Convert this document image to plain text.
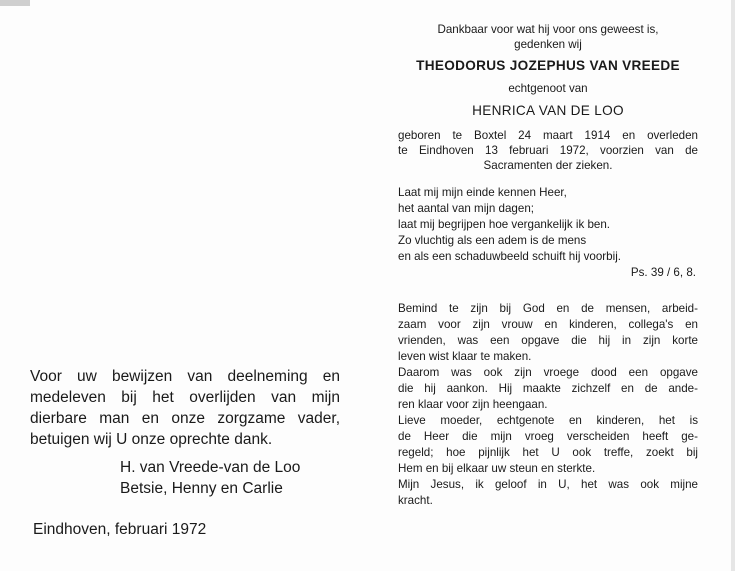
Voor uw bewijzen van deelneming en

medeleven bij het overlijden van mijn

dierbare man en onze zorgzame vader,

betuigen wij U onze oprechte dank.

H. van Vreede-van de Loo
Betsie, Henny en Carlie
Eindhoven, februari 1972
Dankbaar voor wat hij voor ons geweest is,
gedenken wij
THEODORUS JOZEPHUS VAN VREEDE
echtgenoot van
HENRICA VAN DE LOO

geboren te Boxtel 24 maart 1914 en overleden

te Eindhoven 13 februari 1972, voorzien van de

Sacramenten der zieken.

Laat mij mijn einde kennen Heer,
het aantal van mijn dagen;
laat mij begrijpen hoe vergankelijk ik ben.
Zo vluchtig als een adem is de mens
en als een schaduwbeeld schuift hij voorbij.
Ps. 39 / 6, 8.

Bemind te zijn bij God en de mensen, arbeid-

zaam voor zijn vrouw en kinderen, collega's en

vrienden, was een opgave die hij in zijn korte

leven wist klaar te maken.

Daarom was ook zijn vroege dood een opgave

die hij aankon. Hij maakte zichzelf en de ande-

ren klaar voor zijn heengaan.

Lieve moeder, echtgenote en kinderen, het is

de Heer die mijn vroeg verscheiden heeft ge-

regeld; hoe pijnlijk het U ook treffe, zoekt bij

Hem en bij elkaar uw steun en sterkte.

Mijn Jesus, ik geloof in U, het was ook mijne

kracht.
